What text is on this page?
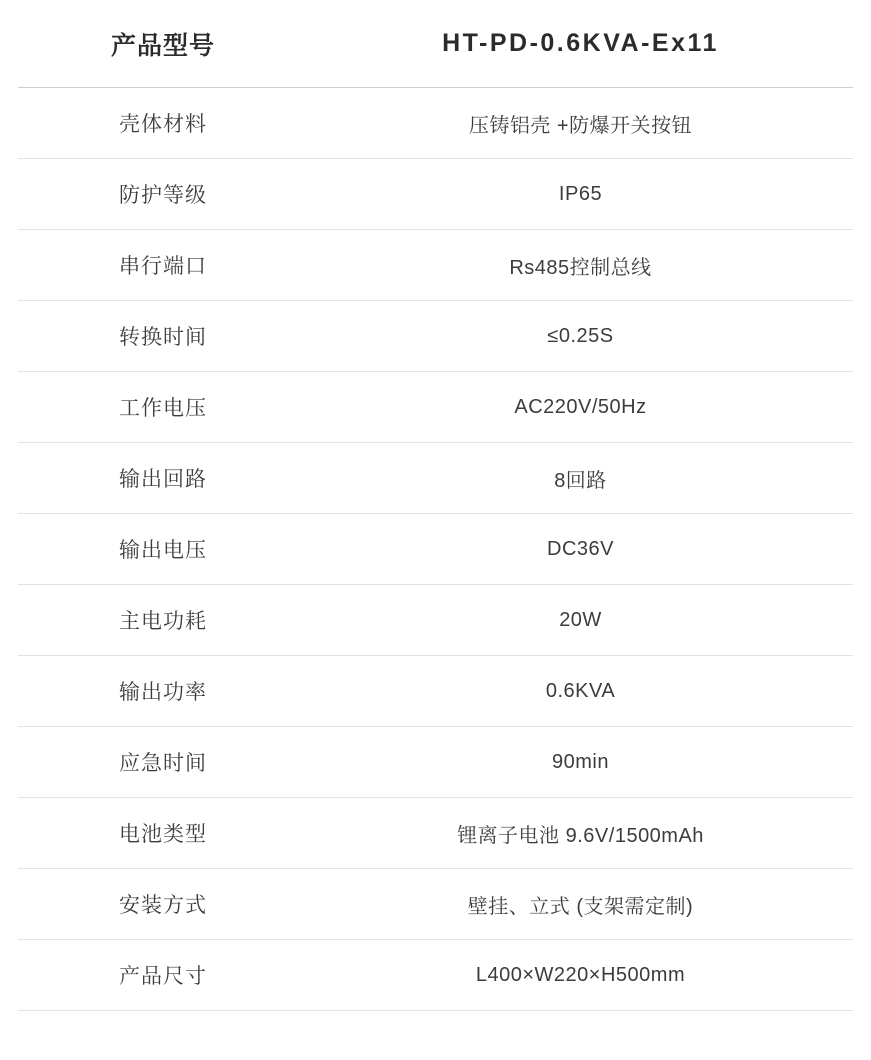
产品型号	HT-PD-0.6KVA-Ex11
壳体材料	压铸铝壳 +防爆开关按钮
防护等级	IP65
串行端口	Rs485控制总线
转换时间	≤0.25S
工作电压	AC220V/50Hz
输出回路	8回路
输出电压	DC36V
主电功耗	20W
输出功率	0.6KVA
应急时间	90min
电池类型	锂离子电池 9.6V/1500mAh
安装方式	壁挂、立式 (支架需定制)
产品尺寸	L400×W220×H500mm
